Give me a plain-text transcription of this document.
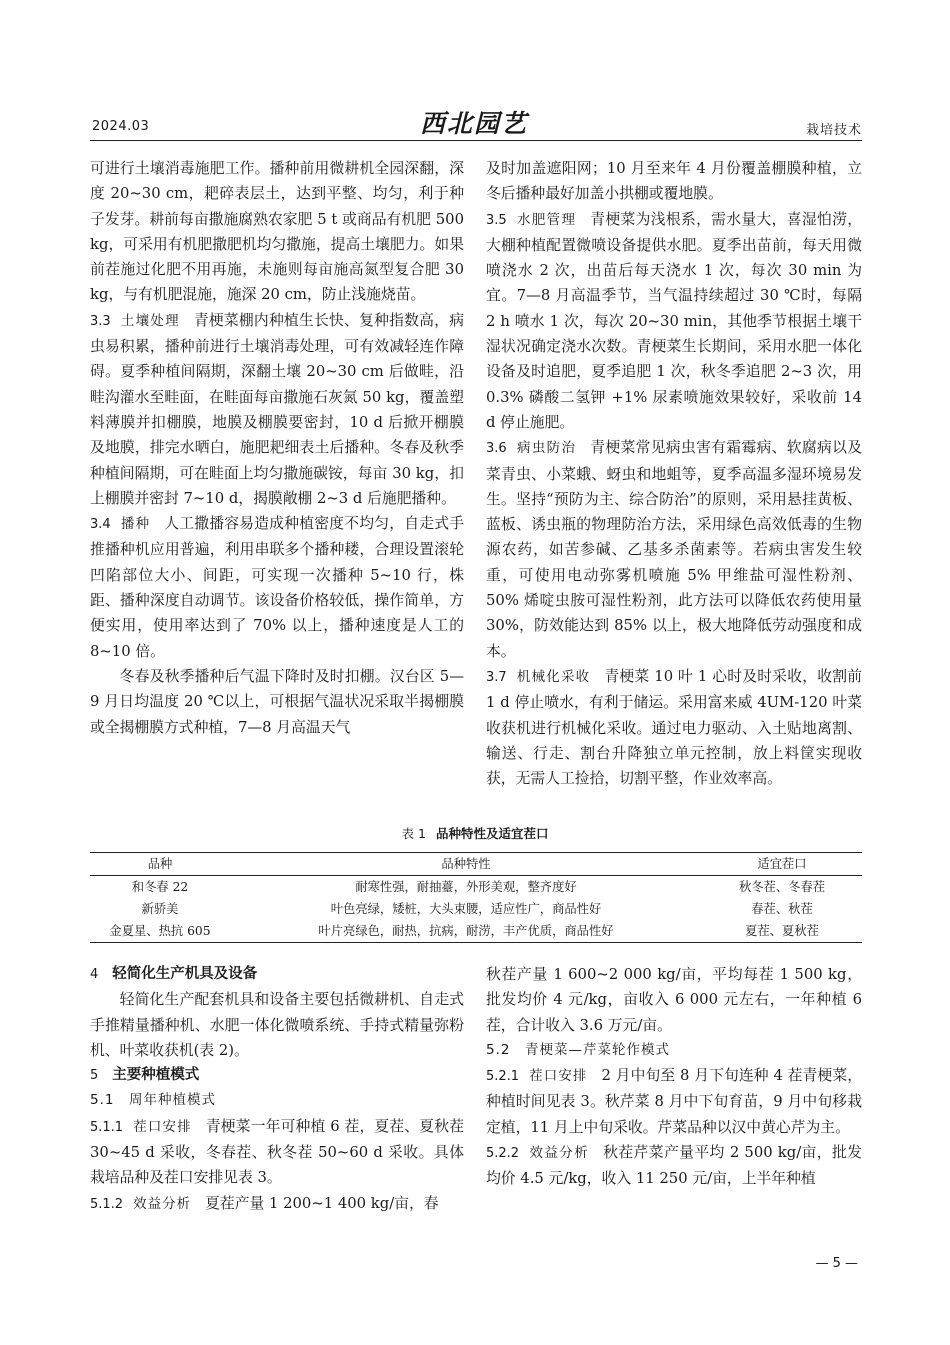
2024.03	西北园艺	栽培技术

可进行土壤消毒施肥工作。播种前用微耕机全园深翻，深度 20~30 cm，耙碎表层土，达到平整、均匀，利于种子发芽。耕前每亩撒施腐熟农家肥 5 t 或商品有机肥 500 kg，可采用有机肥撒肥机均匀撒施，提高土壤肥力。如果前茬施过化肥不用再施，未施则每亩施高氮型复合肥 30 kg，与有机肥混施，施深 20 cm，防止浅施烧苗。

3.3 土壤处理 青梗菜棚内种植生长快、复种指数高，病虫易积累，播种前进行土壤消毒处理，可有效减轻连作障碍。夏季种植间隔期，深翻土壤 20~30 cm 后做畦，沿畦沟灌水至畦面，在畦面每亩撒施石灰氮 50 kg，覆盖塑料薄膜并扣棚膜，地膜及棚膜要密封，10 d 后掀开棚膜及地膜，排完水晒白，施肥耙细表土后播种。冬春及秋季种植间隔期，可在畦面上均匀撒施碳铵，每亩 30 kg，扣上棚膜并密封 7~10 d，揭膜敞棚 2~3 d 后施肥播种。

3.4 播种 人工撒播容易造成种植密度不均匀，自走式手推播种机应用普遍，利用串联多个播种耧，合理设置滚轮凹陷部位大小、间距，可实现一次播种 5~10 行，株距、播种深度自动调节。该设备价格较低，操作简单，方便实用，使用率达到了 70% 以上，播种速度是人工的 8~10 倍。

冬春及秋季播种后气温下降时及时扣棚。汉台区 5—9 月日均温度 20 ℃以上，可根据气温状况采取半揭棚膜或全揭棚膜方式种植，7—8 月高温天气

及时加盖遮阳网；10 月至来年 4 月份覆盖棚膜种植，立冬后播种最好加盖小拱棚或覆地膜。

3.5 水肥管理 青梗菜为浅根系，需水量大，喜湿怕涝，大棚种植配置微喷设备提供水肥。夏季出苗前，每天用微喷浇水 2 次，出苗后每天浇水 1 次，每次 30 min 为宜。7—8 月高温季节，当气温持续超过 30 ℃时，每隔 2 h 喷水 1 次，每次 20~30 min，其他季节根据土壤干湿状况确定浇水次数。青梗菜生长期间，采用水肥一体化设备及时追肥，夏季追肥 1 次，秋冬季追肥 2~3 次，用 0.3% 磷酸二氢钾 +1% 尿素喷施效果较好，采收前 14 d 停止施肥。

3.6 病虫防治 青梗菜常见病虫害有霜霉病、软腐病以及菜青虫、小菜蛾、蚜虫和地蛆等，夏季高温多湿环境易发生。坚持“预防为主、综合防治”的原则，采用悬挂黄板、蓝板、诱虫瓶的物理防治方法，采用绿色高效低毒的生物源农药，如苦参碱、乙基多杀菌素等。若病虫害发生较重，可使用电动弥雾机喷施 5% 甲维盐可湿性粉剂、50% 烯啶虫胺可湿性粉剂，此方法可以降低农药使用量 30%，防效能达到 85% 以上，极大地降低劳动强度和成本。

3.7 机械化采收 青梗菜 10 叶 1 心时及时采收，收割前 1 d 停止喷水，有利于储运。采用富来威 4UM-120 叶菜收获机进行机械化采收。通过电力驱动、入土贴地离割、输送、行走、割台升降独立单元控制，放上料筐实现收获，无需人工捡拾，切割平整，作业效率高。

表 1 品种特性及适宜茬口
品种	品种特性	适宜茬口
和冬春 22	耐寒性强，耐抽薹，外形美观，整齐度好	秋冬茬、冬春茬
新骄美	叶色亮绿，矮桩，大头束腰，适应性广，商品性好	春茬、秋茬
金夏星、热抗 605	叶片亮绿色，耐热，抗病，耐涝，丰产优质，商品性好	夏茬、夏秋茬

4 轻简化生产机具及设备

轻简化生产配套机具和设备主要包括微耕机、自走式手推精量播种机、水肥一体化微喷系统、手持式精量弥粉机、叶菜收获机(表 2)。

5 主要种植模式

5.1　周年种植模式

5.1.1 茬口安排 青梗菜一年可种植 6 茬，夏茬、夏秋茬 30~45 d 采收，冬春茬、秋冬茬 50~60 d 采收。具体栽培品种及茬口安排见表 3。

5.1.2 效益分析 夏茬产量 1 200~1 400 kg/亩，春

秋茬产量 1 600~2 000 kg/亩，平均每茬 1 500 kg，批发均价 4 元/kg，亩收入 6 000 元左右，一年种植 6 茬，合计收入 3.6 万元/亩。

5.2　青梗菜—芹菜轮作模式

5.2.1 茬口安排 2 月中旬至 8 月下旬连种 4 茬青梗菜，种植时间见表 3。秋芹菜 8 月中下旬育苗，9 月中旬移栽定植，11 月上中旬采收。芹菜品种以汉中黄心芹为主。

5.2.2 效益分析 秋茬芹菜产量平均 2 500 kg/亩，批发均价 4.5 元/kg，收入 11 250 元/亩，上半年种植

— 5 —
